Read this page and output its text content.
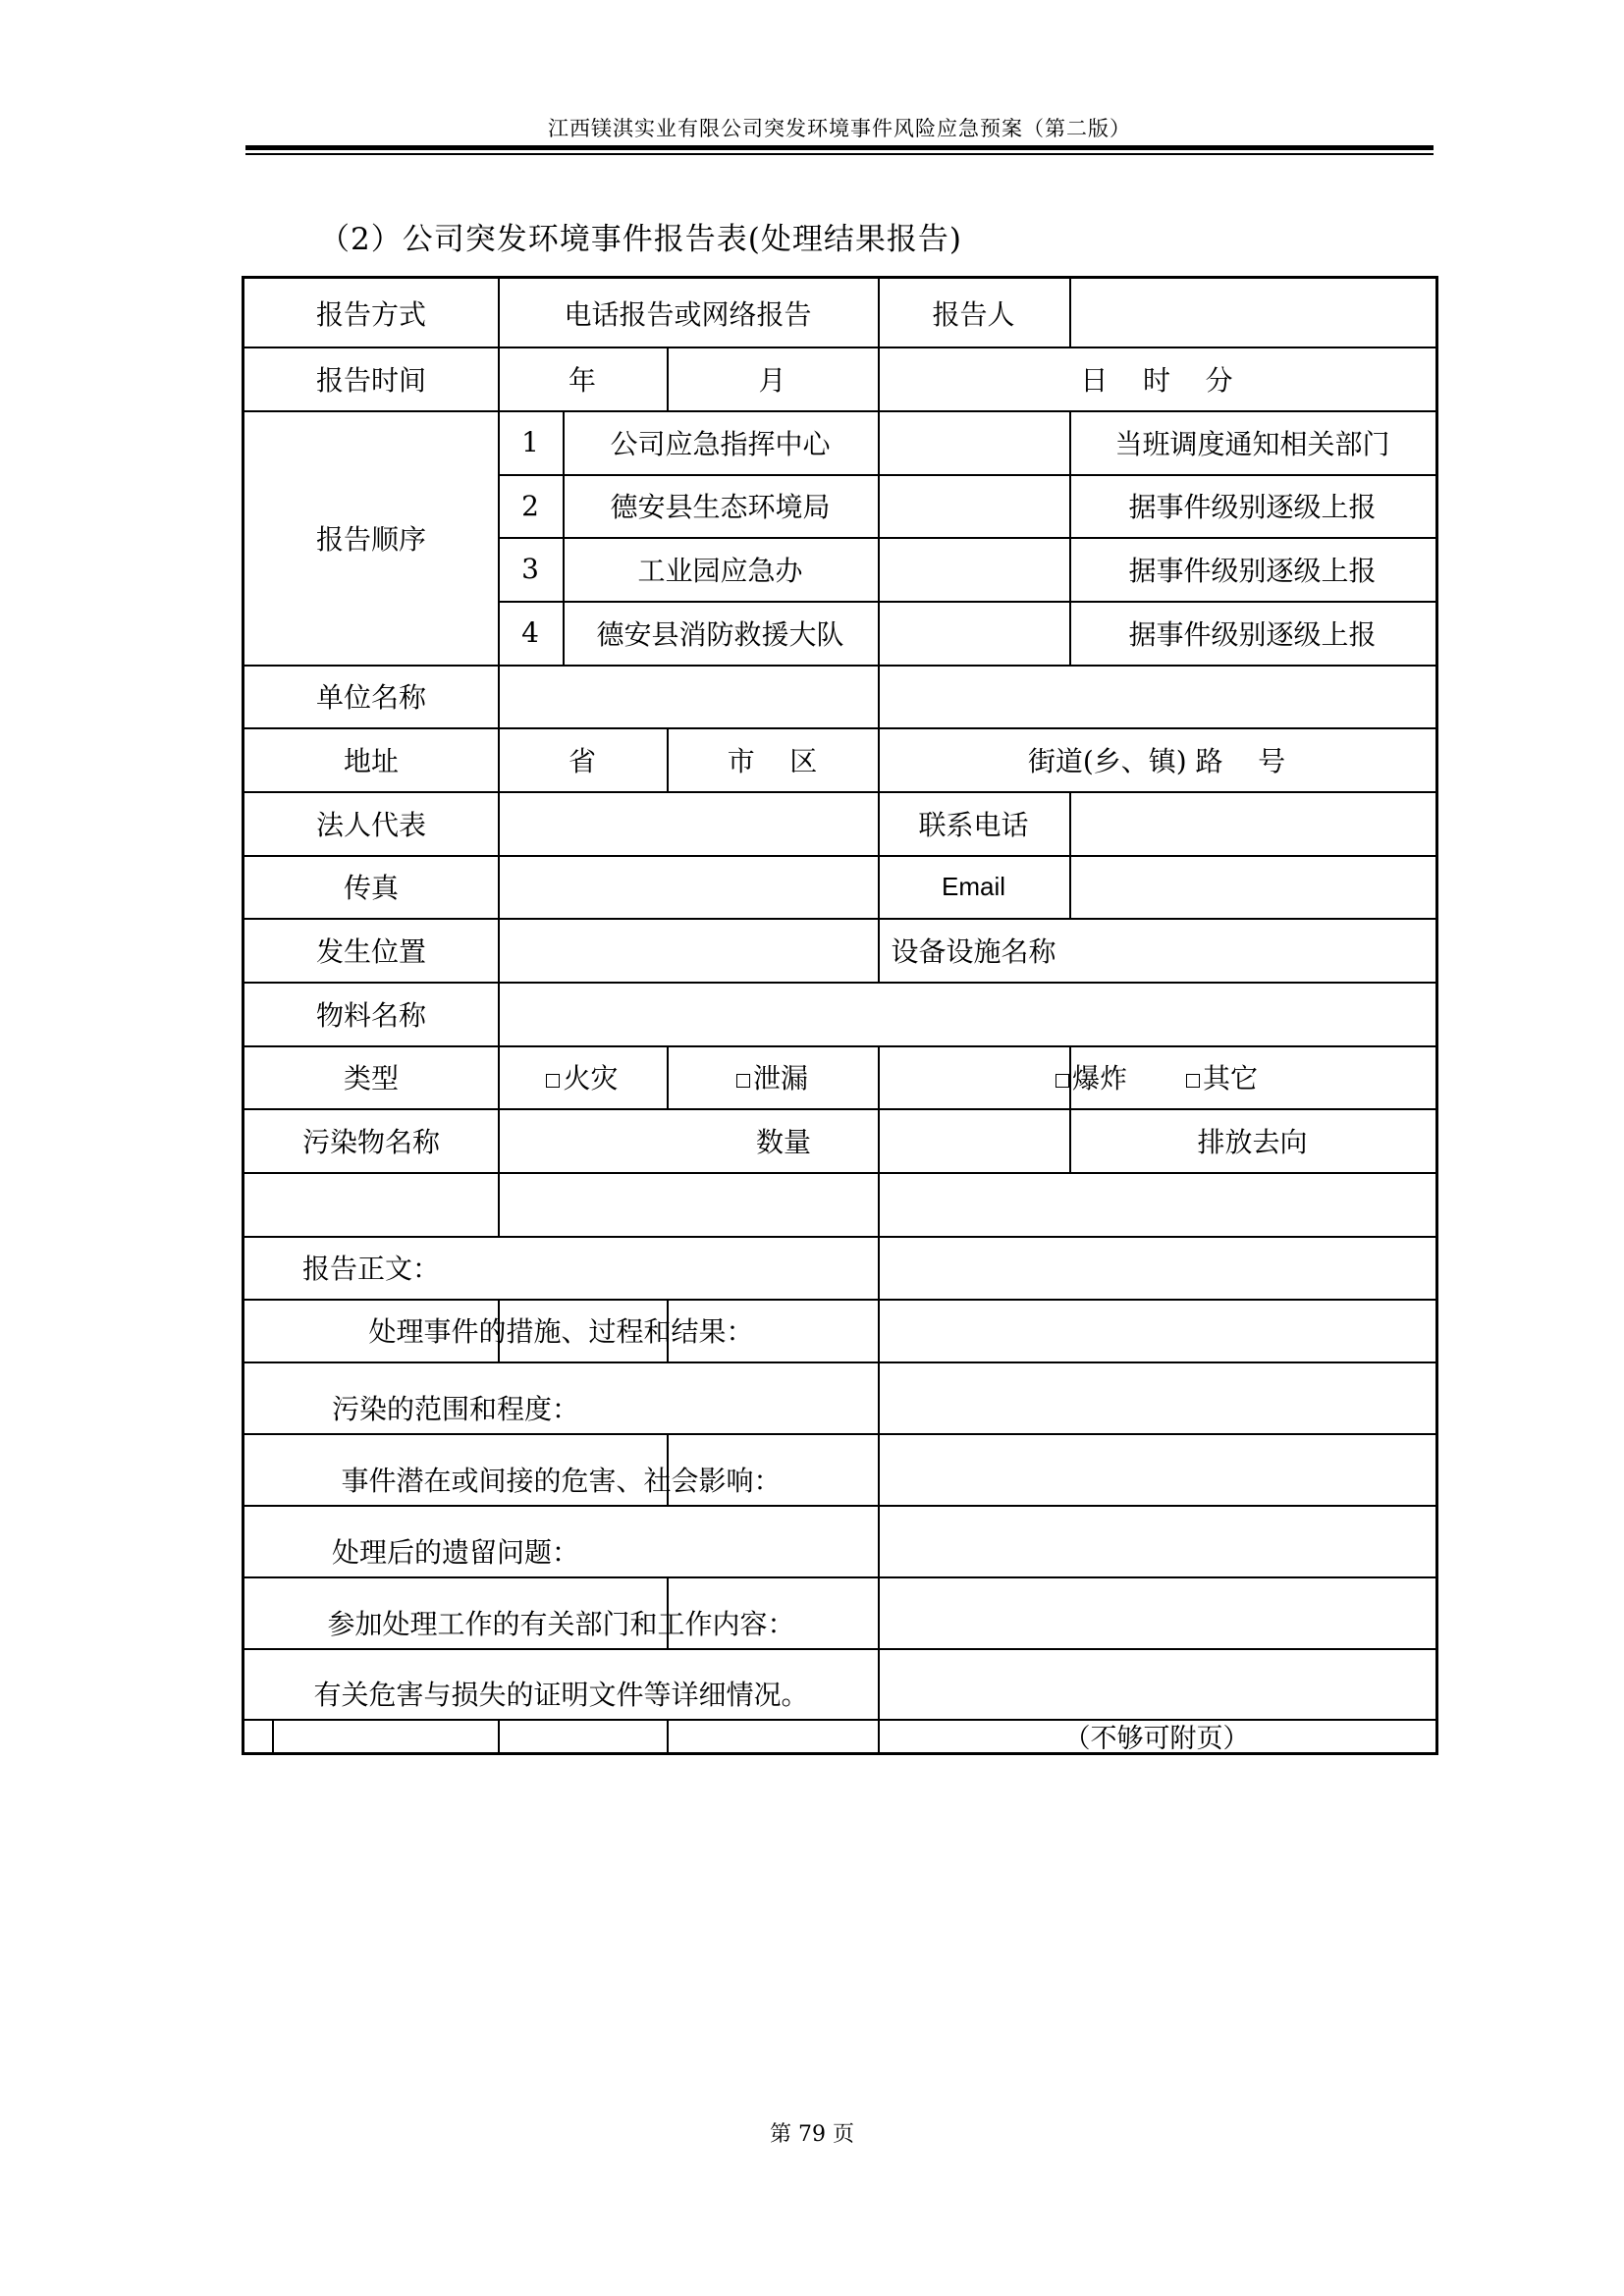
江西镁淇实业有限公司突发环境事件风险应急预案（第二版）
（2）公司突发环境事件报告表(处理结果报告)
报告方式	电话报告或网络报告	报告人
报告时间	年	月	日    时    分
报告顺序
1	公司应急指挥中心	当班调度通知相关部门
2	德安县生态环境局	据事件级别逐级上报
3	工业园应急办	据事件级别逐级上报
4	德安县消防救援大队	据事件级别逐级上报
单位名称
地址	省	市    区	街道(乡、镇) 路    号
法人代表	联系电话
传真	Email
发生位置	设备设施名称
物料名称
类型	火灾	泄漏	爆炸	其它
污染物名称	数量	排放去向
报告正文：
处理事件的措施、过程和结果：
污染的范围和程度：
事件潜在或间接的危害、社会影响：
处理后的遗留问题：
参加处理工作的有关部门和工作内容：
有关危害与损失的证明文件等详细情况。
（不够可附页）
第 79 页
